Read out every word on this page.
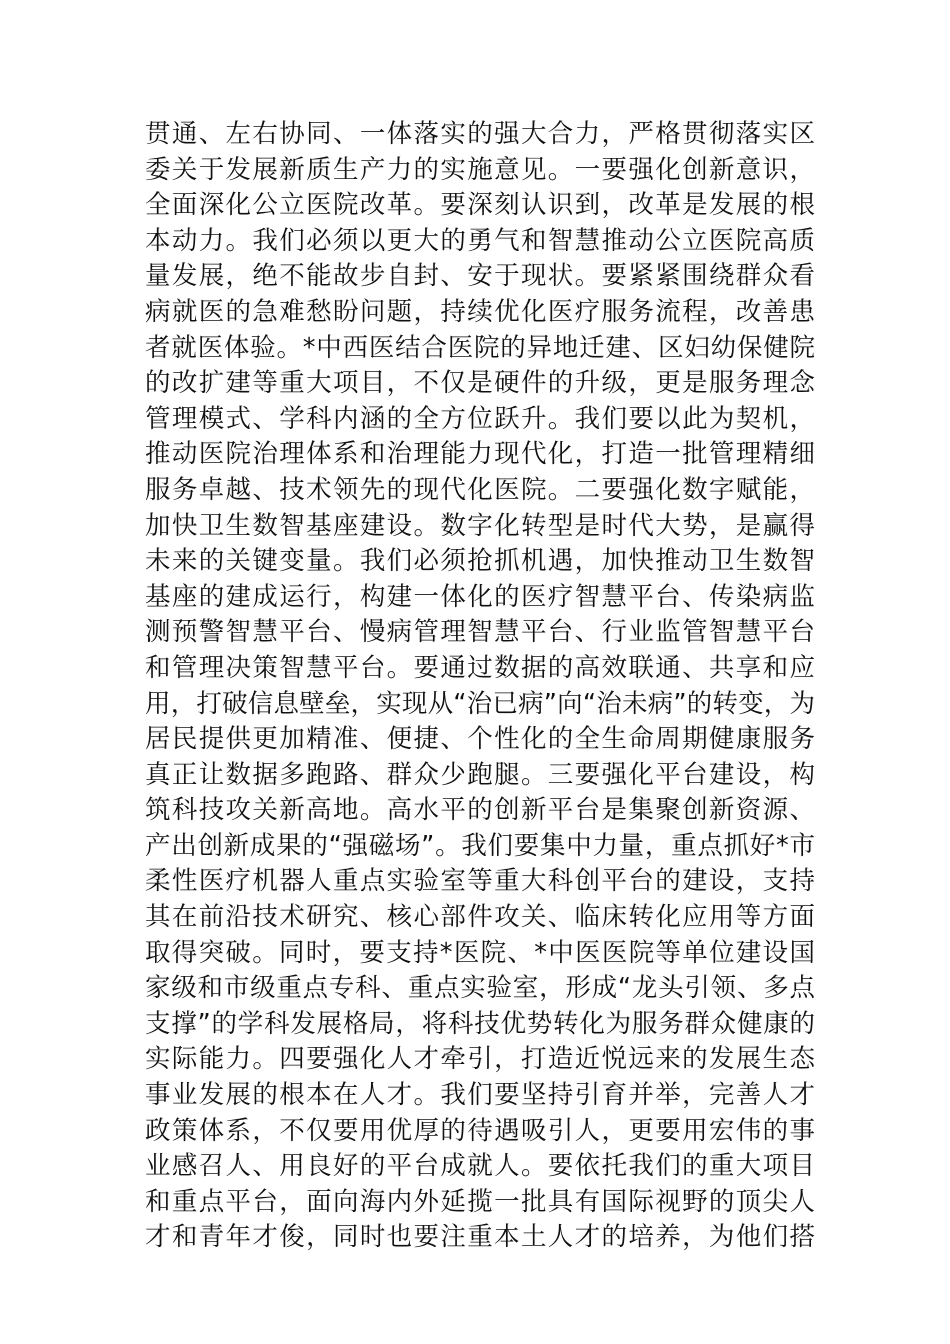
贯通、左右协同、一体落实的强大合力，严格贯彻落实区
委关于发展新质生产力的实施意见。一要强化创新意识，
全面深化公立医院改革。要深刻认识到，改革是发展的根
本动力。我们必须以更大的勇气和智慧推动公立医院高质
量发展，绝不能故步自封、安于现状。要紧紧围绕群众看
病就医的急难愁盼问题，持续优化医疗服务流程，改善患
者就医体验。*中西医结合医院的异地迁建、区妇幼保健院
的改扩建等重大项目，不仅是硬件的升级，更是服务理念
管理模式、学科内涵的全方位跃升。我们要以此为契机，
推动医院治理体系和治理能力现代化，打造一批管理精细
服务卓越、技术领先的现代化医院。二要强化数字赋能，
加快卫生数智基座建设。数字化转型是时代大势，是赢得
未来的关键变量。我们必须抢抓机遇，加快推动卫生数智
基座的建成运行，构建一体化的医疗智慧平台、传染病监
测预警智慧平台、慢病管理智慧平台、行业监管智慧平台
和管理决策智慧平台。要通过数据的高效联通、共享和应
用，打破信息壁垒，实现从“治已病”向“治未病”的转变，为
居民提供更加精准、便捷、个性化的全生命周期健康服务
真正让数据多跑路、群众少跑腿。三要强化平台建设，构
筑科技攻关新高地。高水平的创新平台是集聚创新资源、
产出创新成果的“强磁场”。我们要集中力量，重点抓好*市
柔性医疗机器人重点实验室等重大科创平台的建设，支持
其在前沿技术研究、核心部件攻关、临床转化应用等方面
取得突破。同时，要支持*医院、*中医医院等单位建设国
家级和市级重点专科、重点实验室，形成“龙头引领、多点
支撑”的学科发展格局，将科技优势转化为服务群众健康的
实际能力。四要强化人才牵引，打造近悦远来的发展生态
事业发展的根本在人才。我们要坚持引育并举，完善人才
政策体系，不仅要用优厚的待遇吸引人，更要用宏伟的事
业感召人、用良好的平台成就人。要依托我们的重大项目
和重点平台，面向海内外延揽一批具有国际视野的顶尖人
才和青年才俊，同时也要注重本土人才的培养，为他们搭
